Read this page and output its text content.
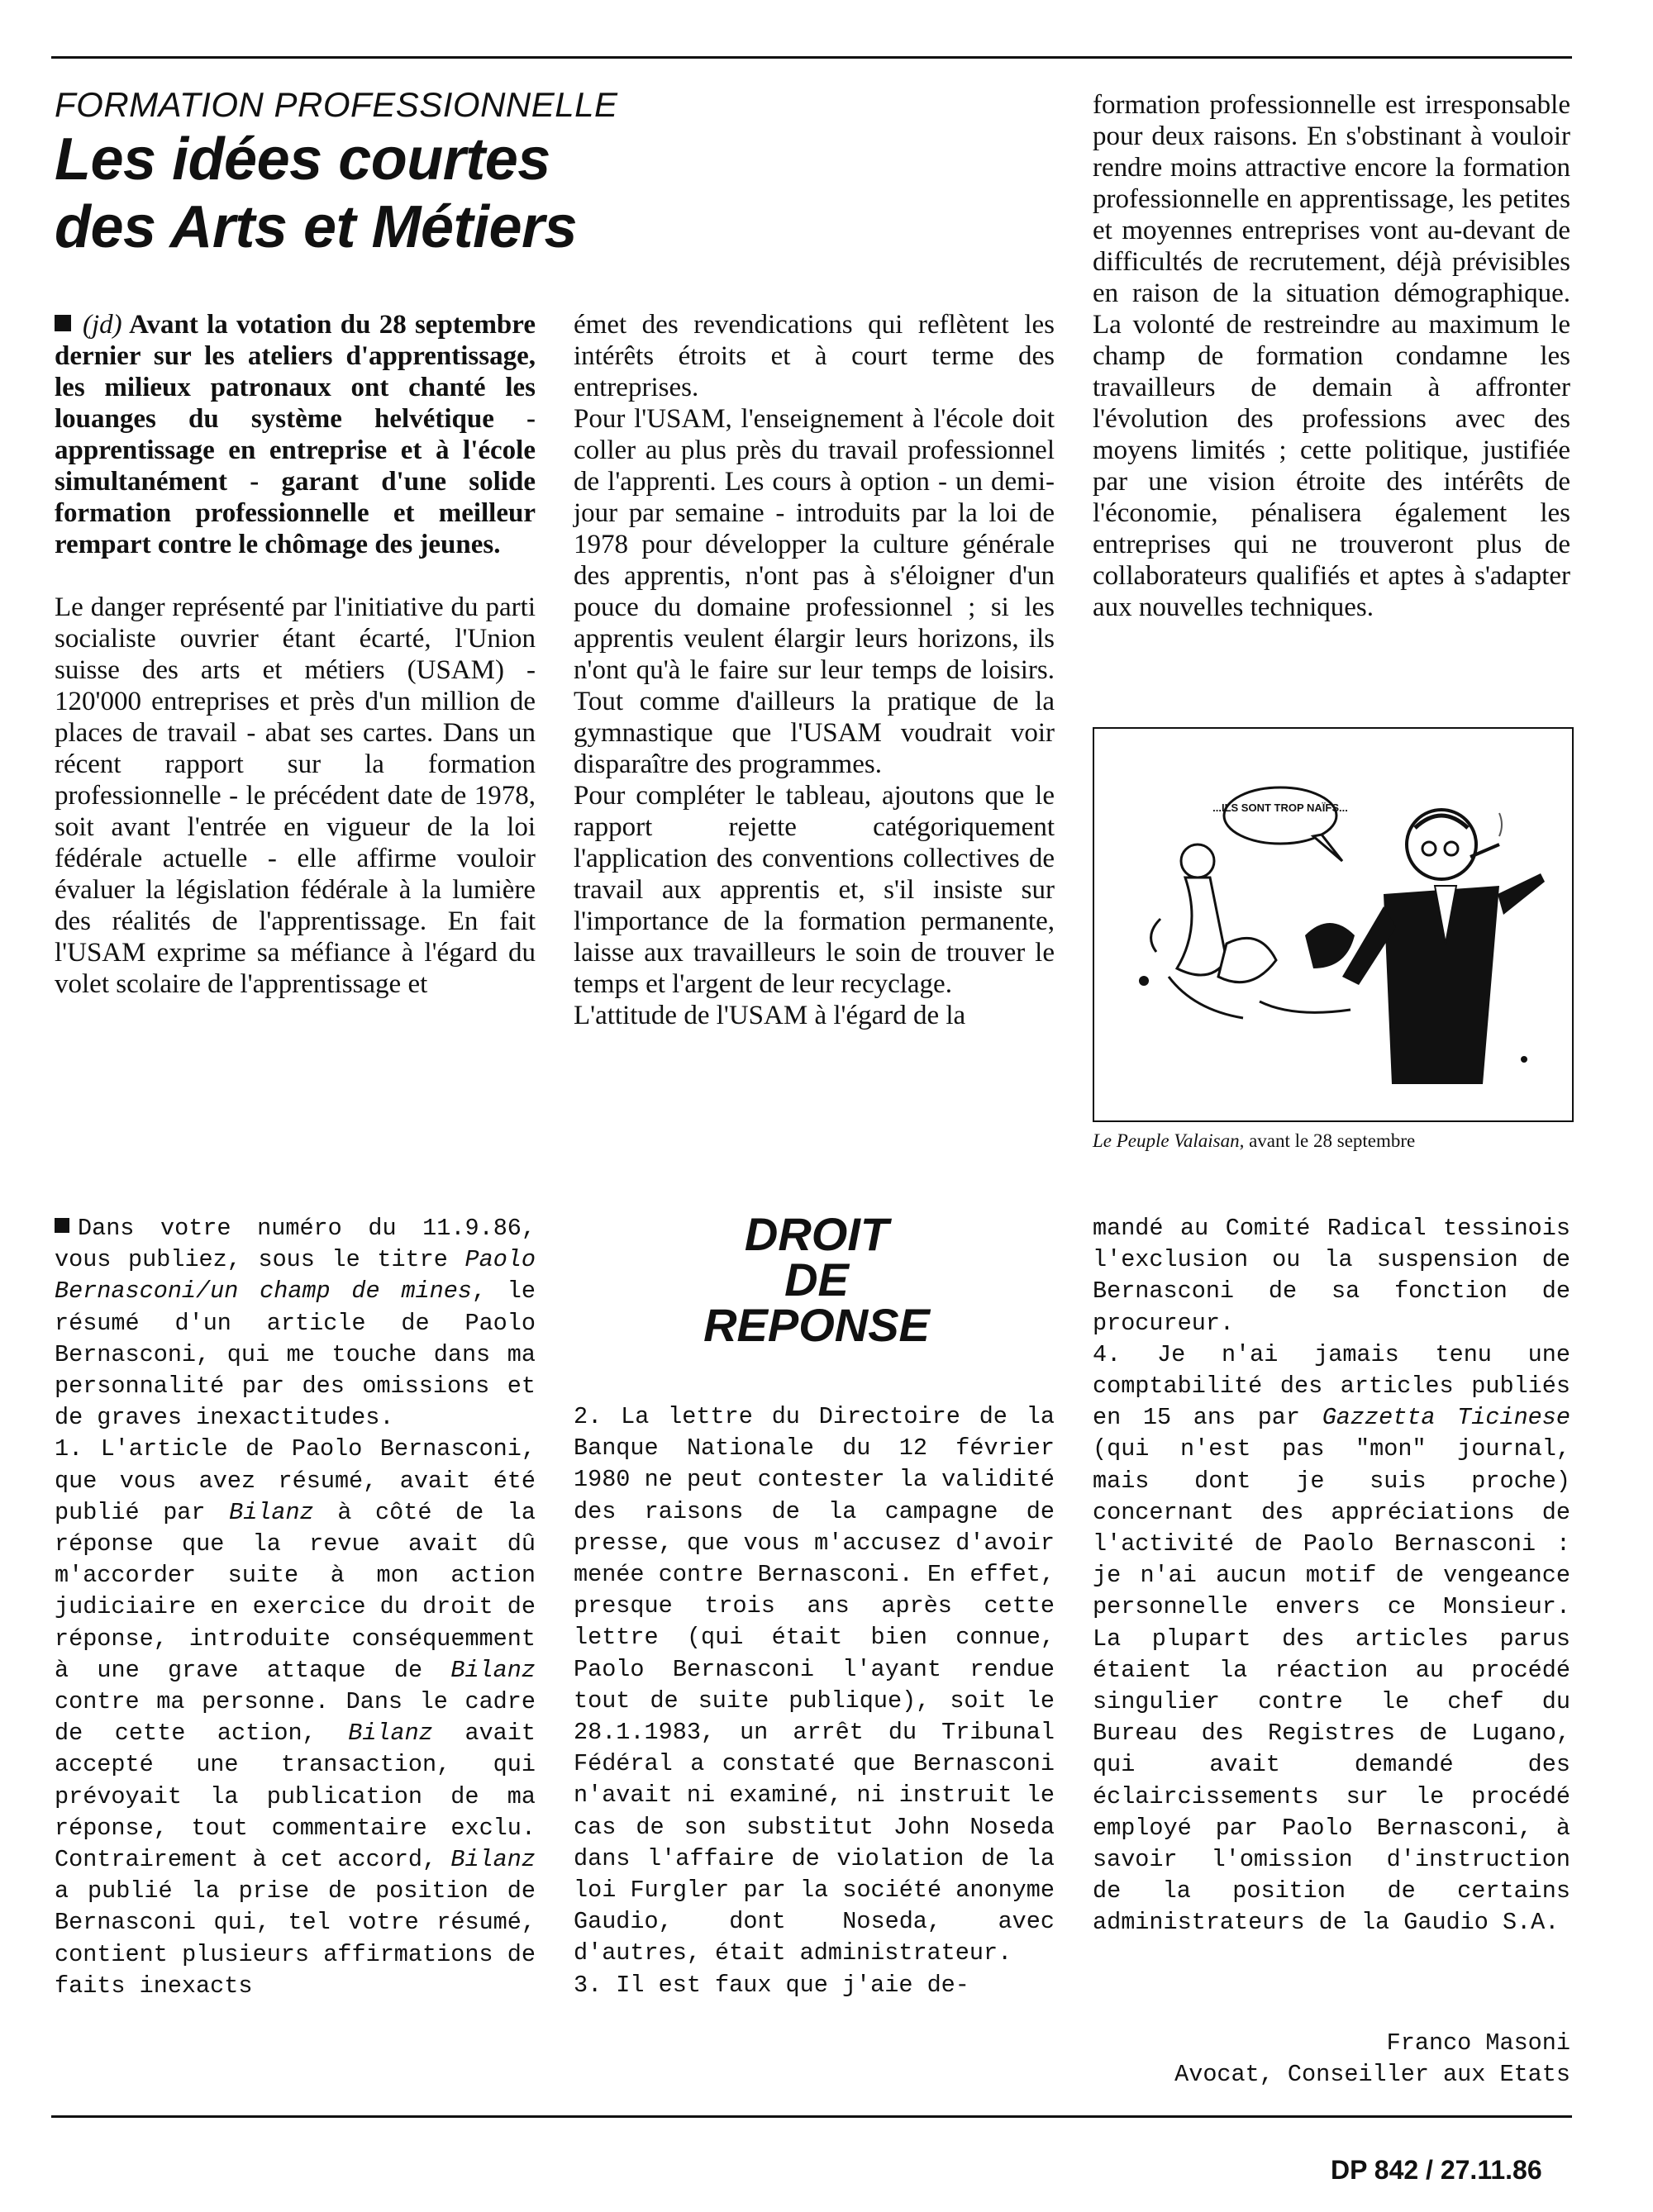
FORMATION PROFESSIONNELLE
Les idées courtes
des Arts et Métiers

(jd) Avant la votation du 28 septembre dernier sur les ateliers d'apprentissage, les milieux patronaux ont chanté les louanges du système helvétique - apprentissage en entreprise et à l'école simultanément - garant d'une solide formation professionnelle et meilleur rempart contre le chômage des jeunes.

Le danger représenté par l'initiative du parti socialiste ouvrier étant écarté, l'Union suisse des arts et métiers (USAM) - 120'000 entreprises et près d'un million de places de travail - abat ses cartes. Dans un récent rapport sur la formation professionnelle - le précédent date de 1978, soit avant l'entrée en vigueur de la loi fédérale actuelle - elle affirme vouloir évaluer la législation fédérale à la lumière des réalités de l'apprentissage. En fait l'USAM exprime sa méfiance à l'égard du volet scolaire de l'apprentissage et

émet des revendications qui reflètent les intérêts étroits et à court terme des entreprises.

Pour l'USAM, l'enseignement à l'école doit coller au plus près du travail professionnel de l'apprenti. Les cours à option - un demi-jour par semaine - introduits par la loi de 1978 pour développer la culture générale des apprentis, n'ont pas à s'éloigner d'un pouce du domaine professionnel ; si les apprentis veulent élargir leurs horizons, ils n'ont qu'à le faire sur leur temps de loisirs. Tout comme d'ailleurs la pratique de la gymnastique que l'USAM voudrait voir disparaître des programmes.

Pour compléter le tableau, ajoutons que le rapport rejette catégoriquement l'application des conventions collectives de travail aux apprentis et, s'il insiste sur l'importance de la formation permanente, laisse aux travailleurs le soin de trouver le temps et l'argent de leur recyclage.

L'attitude de l'USAM à l'égard de la

formation professionnelle est irresponsable pour deux raisons. En s'obstinant à vouloir rendre moins attractive encore la formation professionnelle en apprentissage, les petites et moyennes entreprises vont au-devant de difficultés de recrutement, déjà prévisibles en raison de la situation démographique. La volonté de restreindre au maximum le champ de formation condamne les travailleurs de demain à affronter l'évolution des professions avec des moyens limités ; cette politique, justifiée par une vision étroite des intérêts de l'économie, pénalisera également les entreprises qui ne trouveront plus de collaborateurs qualifiés et aptes à s'adapter aux nouvelles techniques.

...ILS SONT TROP NAÏFS...
Le Peuple Valaisan, avant le 28 septembre
DROIT
DE
REPONSE

Dans votre numéro du 11.9.86, vous publiez, sous le titre Paolo Bernasconi/un champ de mines, le résumé d'un article de Paolo Bernasconi, qui me touche dans ma personnalité par des omissions et de graves inexactitudes.

1. L'article de Paolo Bernasconi, que vous avez résumé, avait été publié par Bilanz à côté de la réponse que la revue avait dû m'accorder suite à mon action judiciaire en exercice du droit de réponse, introduite conséquemment à une grave attaque de Bilanz contre ma personne. Dans le cadre de cette action, Bilanz avait accepté une transaction, qui prévoyait la publication de ma réponse, tout commentaire exclu. Contrairement à cet accord, Bilanz a publié la prise de position de Bernasconi qui, tel votre résumé, contient plusieurs affirmations de faits inexacts

2. La lettre du Directoire de la Banque Nationale du 12 février 1980 ne peut contester la validité des raisons de la campagne de presse, que vous m'accusez d'avoir menée contre Bernasconi. En effet, presque trois ans après cette lettre (qui était bien connue, Paolo Bernasconi l'ayant rendue tout de suite publique), soit le 28.1.1983, un arrêt du Tribunal Fédéral a constaté que Bernasconi n'avait ni examiné, ni instruit le cas de son substitut John Noseda dans l'affaire de violation de la loi Furgler par la société anonyme Gaudio, dont Noseda, avec d'autres, était administrateur.

3. Il est faux que j'aie de-

mandé au Comité Radical tessinois l'exclusion ou la suspension de Bernasconi de sa fonction de procureur.

4. Je n'ai jamais tenu une comptabilité des articles publiés en 15 ans par Gazzetta Ticinese (qui n'est pas "mon" journal, mais dont je suis proche) concernant des appréciations de l'activité de Paolo Bernasconi : je n'ai aucun motif de vengeance personnelle envers ce Monsieur. La plupart des articles parus étaient la réaction au procédé singulier contre le chef du Bureau des Registres de Lugano, qui avait demandé des éclaircissements sur le procédé employé par Paolo Bernasconi, à savoir l'omission d'instruction de la position de certains administrateurs de la Gaudio S.A.

Franco Masoni
Avocat, Conseiller aux Etats
DP 842 / 27.11.86
